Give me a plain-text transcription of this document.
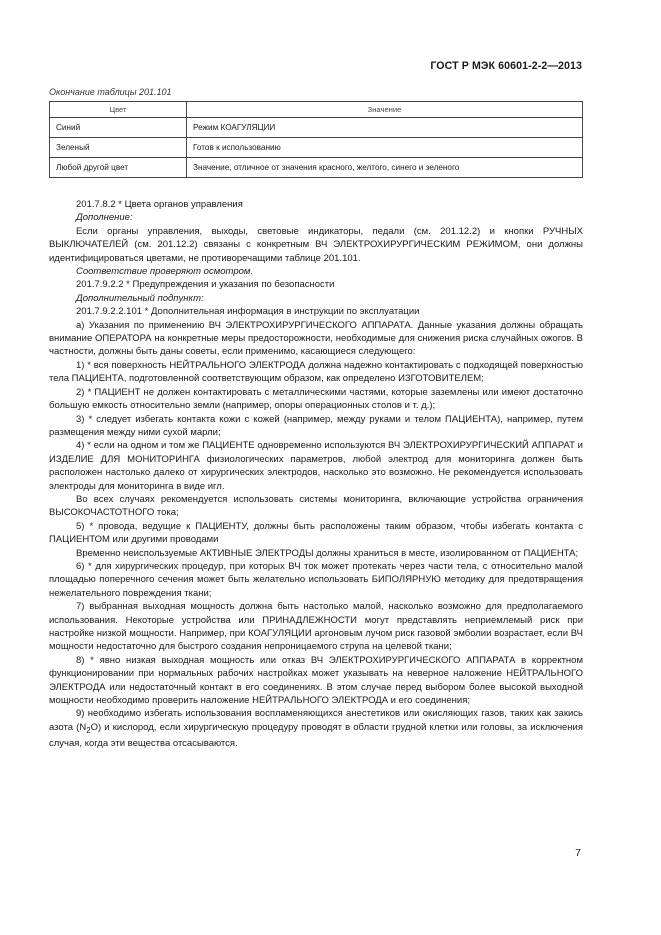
ГОСТ Р МЭК 60601-2-2—2013
Окончание таблицы 201.101
Цвет	Значение
Синий	Режим КОАГУЛЯЦИИ
Зеленый	Готов к использованию
Любой другой цвет	Значение, отличное от значения красного, желтого, синего и зеленого

201.7.8.2 * Цвета органов управления

Дополнение:

Если органы управления, выходы, световые индикаторы, педали (см. 201.12.2) и кнопки РУЧНЫХ ВЫКЛЮЧАТЕЛЕЙ (см. 201.12.2) связаны с конкретным ВЧ ЭЛЕКТРОХИРУРГИЧЕСКИМ РЕЖИМОМ, они должны идентифицироваться цветами, не противоречащими таблице 201.101.

Соответствие проверяют осмотром.

201.7.9.2.2 * Предупреждения и указания по безопасности

Дополнительный подпункт:

201.7.9.2.2.101 * Дополнительная информация в инструкции по эксплуатации

а) Указания по применению ВЧ ЭЛЕКТРОХИРУРГИЧЕСКОГО АППАРАТА. Данные указания должны обращать внимание ОПЕРАТОРА на конкретные меры предосторожности, необходимые для снижения риска случайных ожогов. В частности, должны быть даны советы, если применимо, касающиеся следующего:

1) * вся поверхность НЕЙТРАЛЬНОГО ЭЛЕКТРОДА должна надежно контактировать с подходящей поверхностью тела ПАЦИЕНТА, подготовленной соответствующим образом, как определено ИЗГОТОВИТЕЛЕМ;

2) * ПАЦИЕНТ не должен контактировать с металлическими частями, которые заземлены или имеют достаточно большую емкость относительно земли (например, опоры операционных столов и т. д.);

3) * следует избегать контакта кожи с кожей (например, между руками и телом ПАЦИЕНТА), например, путем размещения между ними сухой марли;

4) * если на одном и том же ПАЦИЕНТЕ одновременно используются ВЧ ЭЛЕКТРОХИРУРГИЧЕСКИЙ АППАРАТ и ИЗДЕЛИЕ ДЛЯ МОНИТОРИНГА физиологических параметров, любой электрод для мониторинга должен быть расположен настолько далеко от хирургических электродов, насколько это возможно. Не рекомендуется использовать электроды для мониторинга в виде игл.

Во всех случаях рекомендуется использовать системы мониторинга, включающие устройства ограничения ВЫСОКОЧАСТОТНОГО тока;

5) * провода, ведущие к ПАЦИЕНТУ, должны быть расположены таким образом, чтобы избегать контакта с ПАЦИЕНТОМ или другими проводами

Временно неиспользуемые АКТИВНЫЕ ЭЛЕКТРОДЫ должны храниться в месте, изолированном от ПАЦИЕНТА;

6) * для хирургических процедур, при которых ВЧ ток может протекать через части тела, с относительно малой площадью поперечного сечения может быть желательно использовать БИПОЛЯРНУЮ методику для предотвращения нежелательного повреждения ткани;

7) выбранная выходная мощность должна быть настолько малой, насколько возможно для предполагаемого использования. Некоторые устройства или ПРИНАДЛЕЖНОСТИ могут представлять неприемлемый риск при настройке низкой мощности. Например, при КОАГУЛЯЦИИ аргоновым лучом риск газовой эмболии возрастает, если ВЧ мощности недостаточно для быстрого создания непроницаемого струпа на целевой ткани;

8) * явно низкая выходная мощность или отказ ВЧ ЭЛЕКТРОХИРУРГИЧЕСКОГО АППАРАТА в корректном функционировании при нормальных рабочих настройках может указывать на неверное наложение НЕЙТРАЛЬНОГО ЭЛЕКТРОДА или недостаточный контакт в его соединениях. В этом случае перед выбором более высокой выходной мощности необходимо проверить наложение НЕЙТРАЛЬНОГО ЭЛЕКТРОДА и его соединения;

9) необходимо избегать использования воспламеняющихся анестетиков или окисляющих газов, таких как закись азота $(N_2O)$ и кислород, если хирургическую процедуру проводят в области грудной клетки или головы, за исключения случая, когда эти вещества отсасываются.

7
